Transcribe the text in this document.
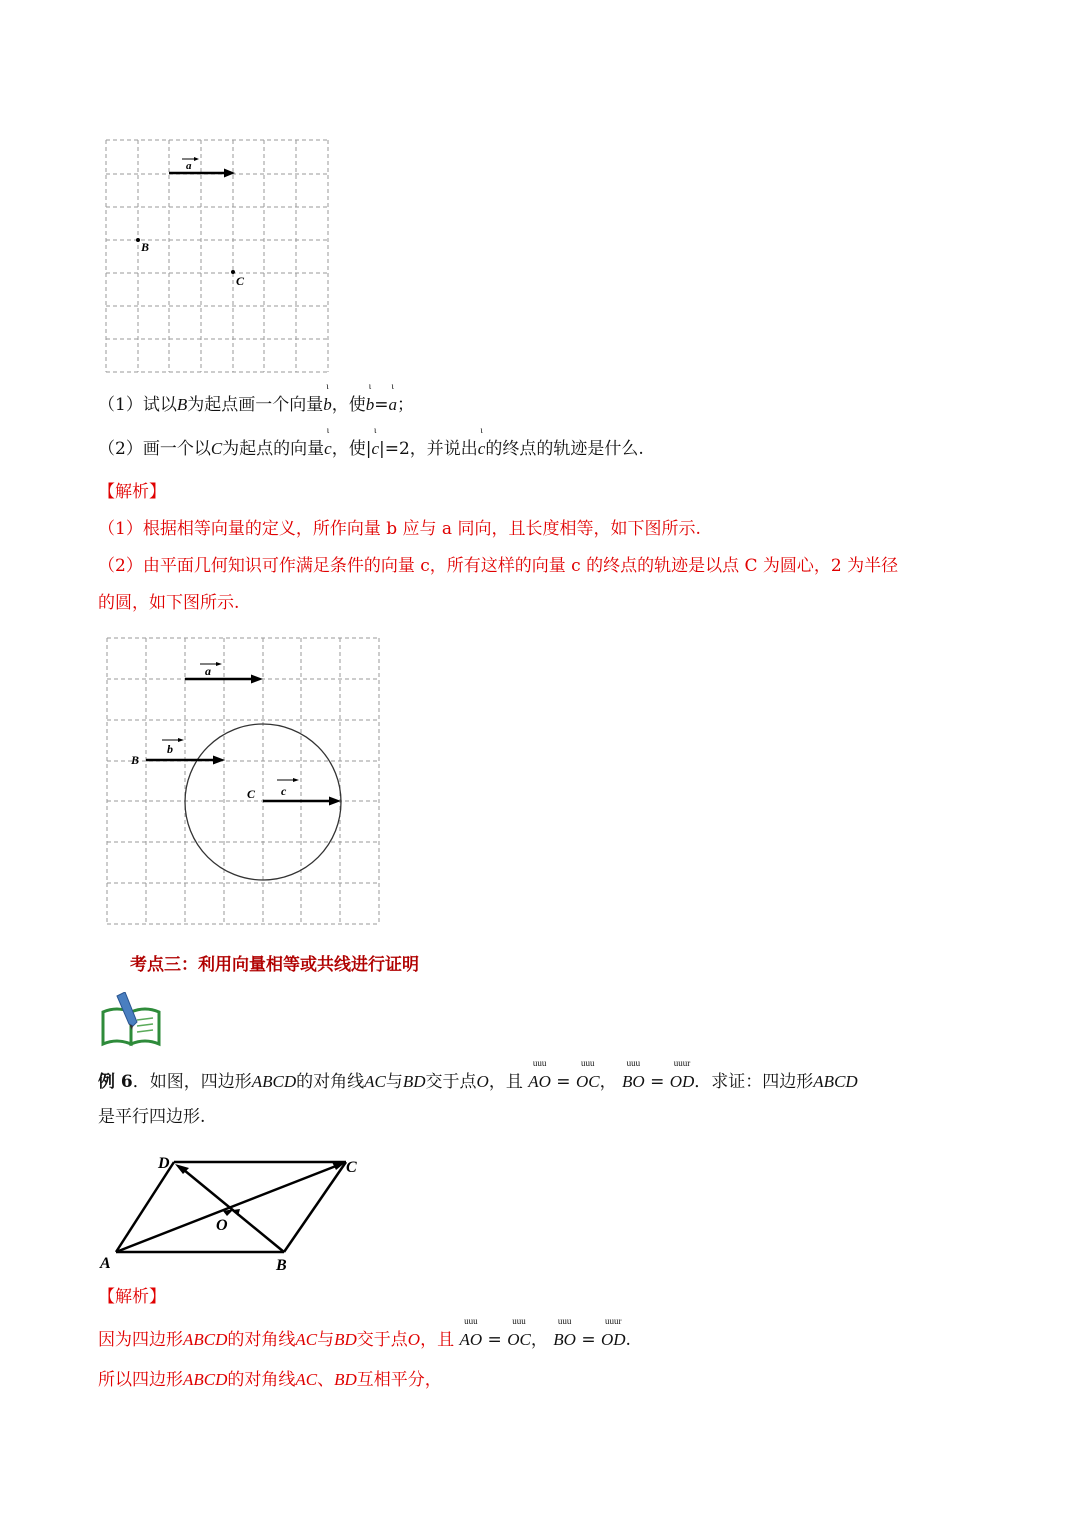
a
B
C
（1）试以B为起点画一个向量
ι
b，使
ι
b=
ι
a；
（2）画一个以C为起点的向量
ι
c，使|
ι
c|=2，并说出
ι
c的终点的轨迹是什么.
【解析】
（1）根据相等向量的定义，所作向量 b 应与 a 同向，且长度相等，如下图所示.
（2）由平面几何知识可作满足条件的向量 c，所有这样的向量 c 的终点的轨迹是以点 C 为圆心，2 为半径
的圆，如下图所示.
a
b
B
c
C
考点三：利用向量相等或共线进行证明
例 6．如图，四边形ABCD的对角线AC与BD交于点O，且
uuu
AO =
uuu
OC，
uuu
BO =
uuur
OD．求证：四边形ABCD
是平行四边形.
A	B
C
D
O
【解析】
因为四边形ABCD的对角线AC与BD交于点O，且
uuu
AO =
uuu
OC，
uuu
BO =
uuur
OD.
所以四边形ABCD的对角线AC、BD互相平分，
